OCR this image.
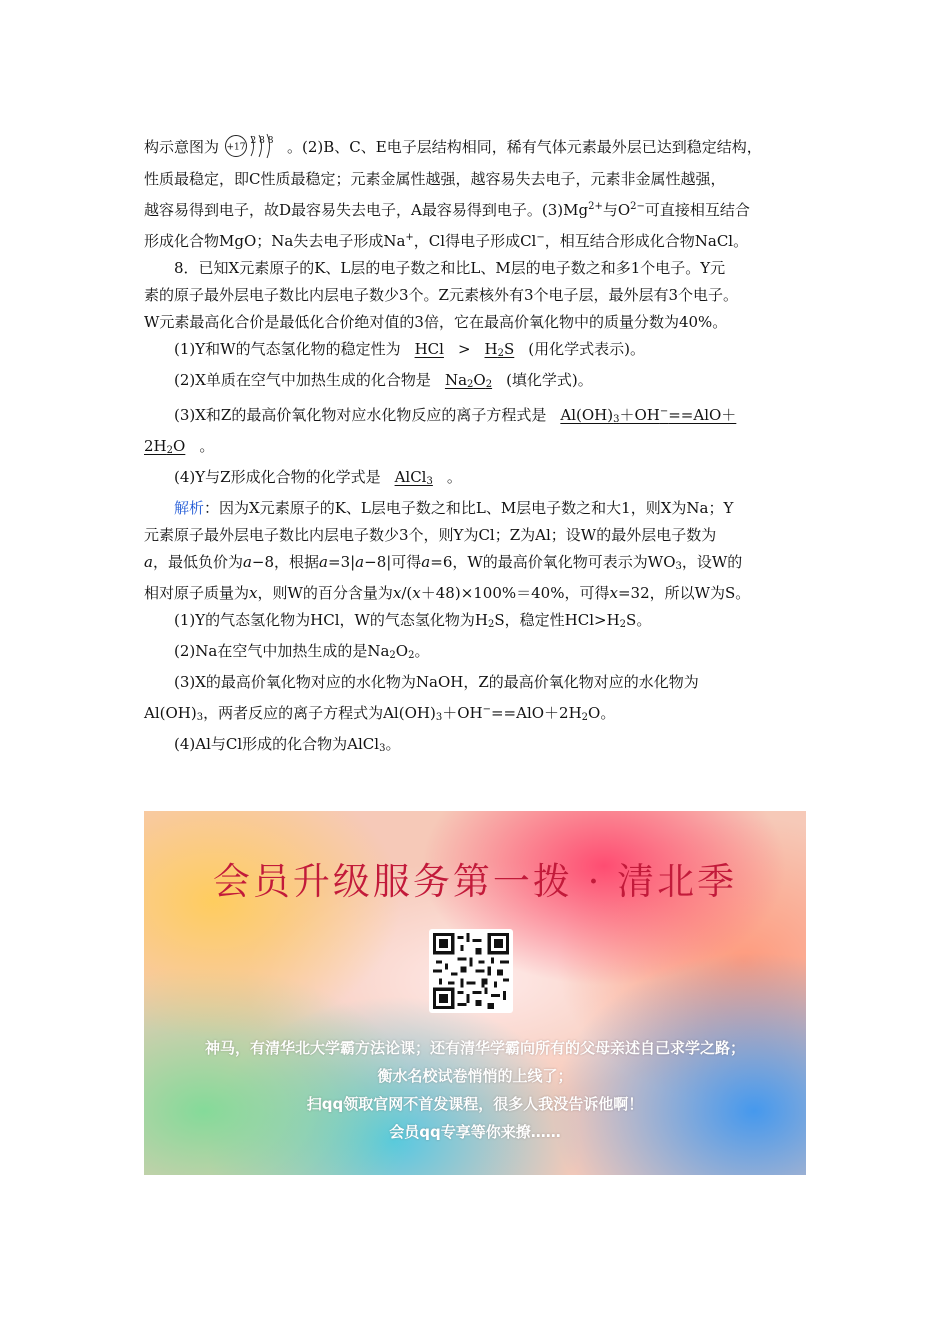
构示意图为 +17
2 8 8 。(2)B、C、E电子层结构相同，稀有气体元素最外层已达到稳定结构，

性质最稳定，即C性质最稳定；元素金属性越强，越容易失去电子，元素非金属性越强，

越容易得到电子，故D最容易失去电子，A最容易得到电子。$(3)Mg^{2+}$与$O^{2-}$可直接相互结合

形成化合物MgO；Na失去电子形成Na+，Cl得电子形成Cl−，相互结合形成化合物NaCl。

8．已知X元素原子的K、L层的电子数之和比L、M层的电子数之和多1个电子。Y元

素的原子最外层电子数比内层电子数少3个。Z元素核外有3个电子层，最外层有3个电子。

W元素最高化合价是最低化合价绝对值的3倍，它在最高价氧化物中的质量分数为40%。

(1)Y和W的气态氢化物的稳定性为 HCl > $H_2S$ (用化学式表示)。

(2)X单质在空气中加热生成的化合物是 $Na_2O_2$ (填化学式)。

(3)X和Z的最高价氧化物对应水化物反应的离子方程式是 $Al(OH)_3+OH^-==AlO+$

$2H_2O$ 。

(4)Y与Z形成化合物的化学式是 AlCl$_3$ 。

解析：因为X元素原子的K、L层电子数之和比L、M层电子数之和大1，则X为Na；Y

元素原子最外层电子数比内层电子数少3个，则Y为Cl；Z为Al；设W的最外层电子数为

a，最低负价为a−8，根据a=3|a−8|可得a=6，W的最高价氧化物可表示为$WO_3$，设W的

相对原子质量为x，则W的百分含量为x/(x＋48)×100%＝40%，可得x=32，所以W为S。

(1)Y的气态氢化物为HCl，W的气态氢化物为$H_2S$，稳定性$HCl>H_2S$。

(2)Na在空气中加热生成的是$Na_2O_2$。

(3)X的最高价氧化物对应的水化物为NaOH，Z的最高价氧化物对应的水化物为

$Al(OH)_3$，两者反应的离子方程式为$Al(OH)_3+OH^-==AlO+2H_2O$。

(4)Al与Cl形成的化合物为AlCl$_3$。

会员升级服务第一拨 · 清北季
神马，有清华北大学霸方法论课；还有清华学霸向所有的父母亲述自己求学之路；
衡水名校试卷悄悄的上线了；
扫qq领取官网不首发课程，很多人我没告诉他啊！
会员qq专享等你来撩……
